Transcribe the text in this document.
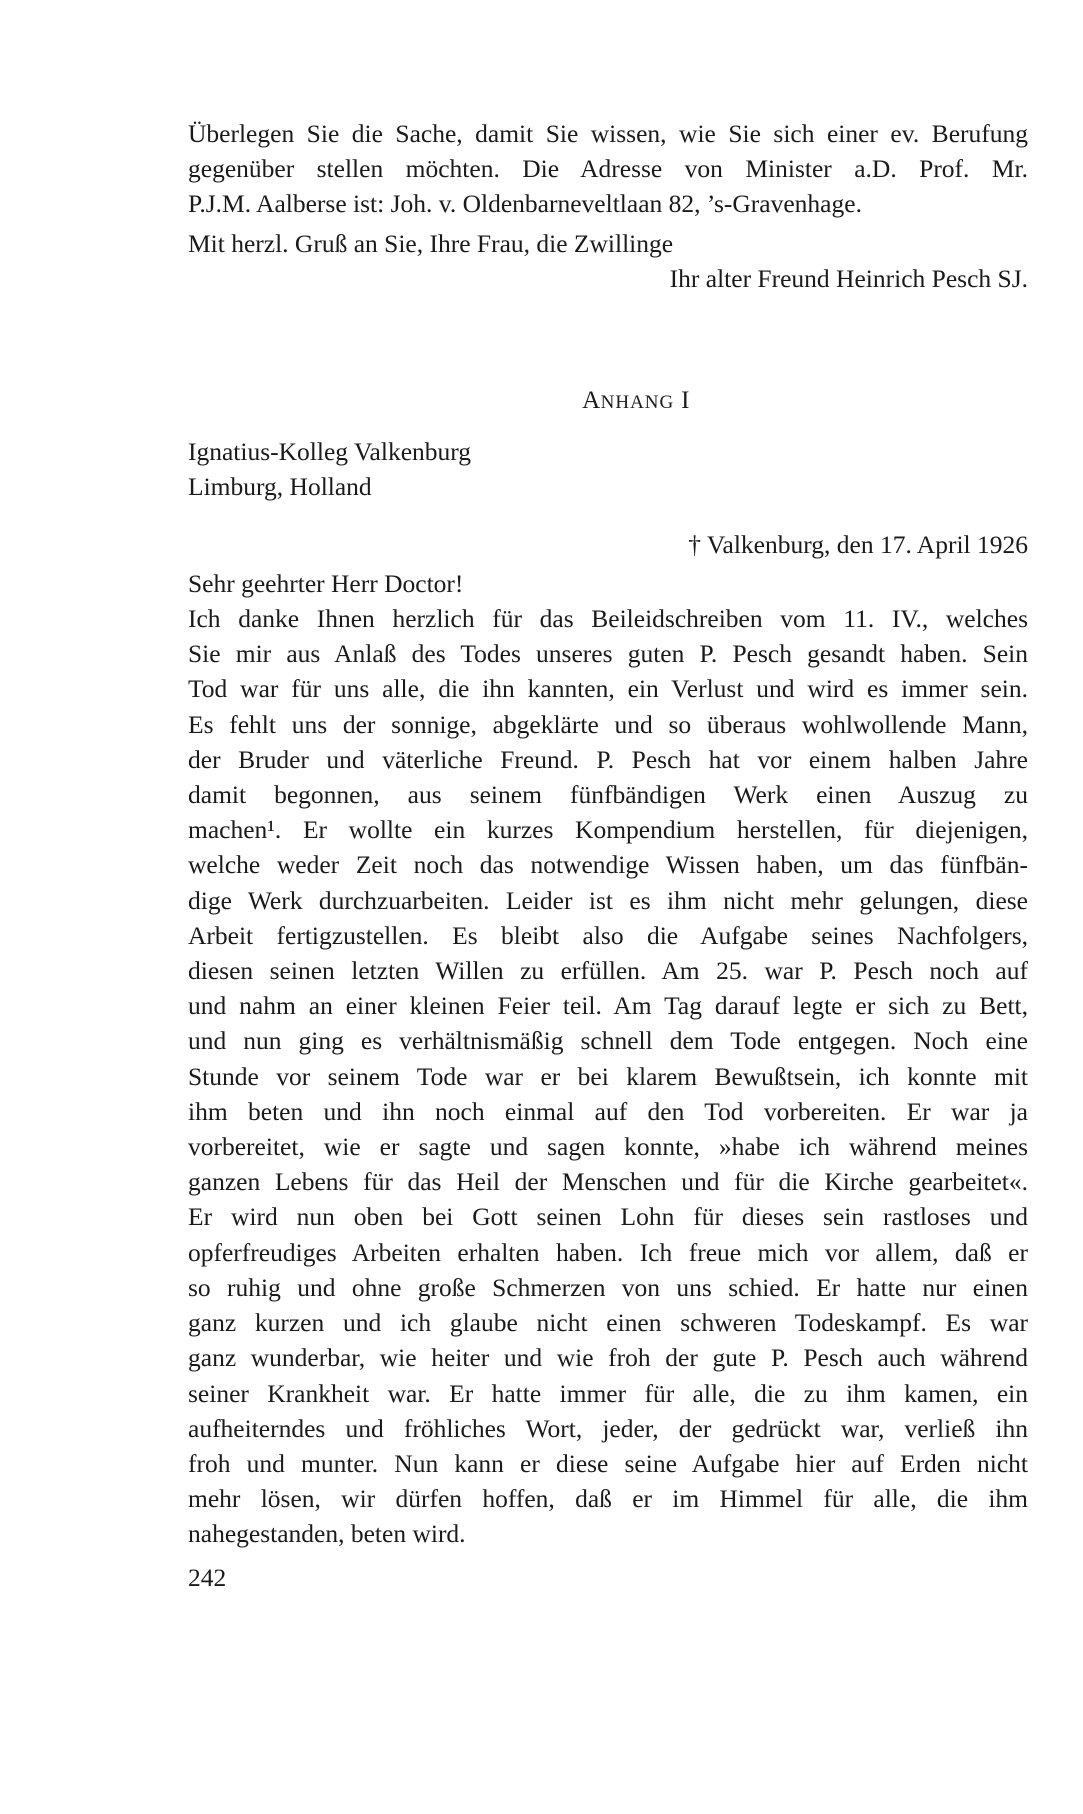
Überlegen Sie die Sache, damit Sie wissen, wie Sie sich einer ev. Berufung
gegenüber stellen möchten. Die Adresse von Minister a.D. Prof. Mr.
P.J.M. Aalberse ist: Joh. v. Oldenbarneveltlaan 82, ’s-Gravenhage.
Mit herzl. Gruß an Sie, Ihre Frau, die Zwillinge
Ihr alter Freund Heinrich Pesch SJ.
ANHANG I
Ignatius-Kolleg Valkenburg
Limburg, Holland
† Valkenburg, den 17. April 1926
Sehr geehrter Herr Doctor!
Ich danke Ihnen herzlich für das Beileidschreiben vom 11. IV., welches
Sie mir aus Anlaß des Todes unseres guten P. Pesch gesandt haben. Sein
Tod war für uns alle, die ihn kannten, ein Verlust und wird es immer sein.
Es fehlt uns der sonnige, abgeklärte und so überaus wohlwollende Mann,
der Bruder und väterliche Freund. P. Pesch hat vor einem halben Jahre
damit begonnen, aus seinem fünfbändigen Werk einen Auszug zu
machen¹. Er wollte ein kurzes Kompendium herstellen, für diejenigen,
welche weder Zeit noch das notwendige Wissen haben, um das fünfbän-
dige Werk durchzuarbeiten. Leider ist es ihm nicht mehr gelungen, diese
Arbeit fertigzustellen. Es bleibt also die Aufgabe seines Nachfolgers,
diesen seinen letzten Willen zu erfüllen. Am 25. war P. Pesch noch auf
und nahm an einer kleinen Feier teil. Am Tag darauf legte er sich zu Bett,
und nun ging es verhältnismäßig schnell dem Tode entgegen. Noch eine
Stunde vor seinem Tode war er bei klarem Bewußtsein, ich konnte mit
ihm beten und ihn noch einmal auf den Tod vorbereiten. Er war ja
vorbereitet, wie er sagte und sagen konnte, »habe ich während meines
ganzen Lebens für das Heil der Menschen und für die Kirche gearbeitet«.
Er wird nun oben bei Gott seinen Lohn für dieses sein rastloses und
opferfreudiges Arbeiten erhalten haben. Ich freue mich vor allem, daß er
so ruhig und ohne große Schmerzen von uns schied. Er hatte nur einen
ganz kurzen und ich glaube nicht einen schweren Todeskampf. Es war
ganz wunderbar, wie heiter und wie froh der gute P. Pesch auch während
seiner Krankheit war. Er hatte immer für alle, die zu ihm kamen, ein
aufheiterndes und fröhliches Wort, jeder, der gedrückt war, verließ ihn
froh und munter. Nun kann er diese seine Aufgabe hier auf Erden nicht
mehr lösen, wir dürfen hoffen, daß er im Himmel für alle, die ihm
nahegestanden, beten wird.
242
